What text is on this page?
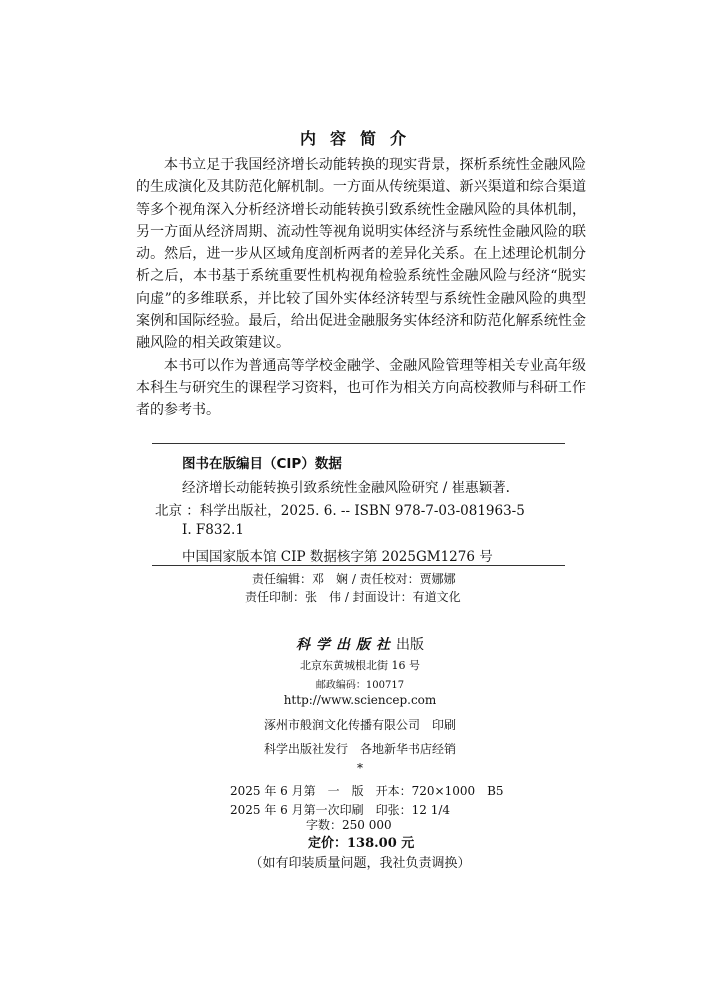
内容简介

本书立足于我国经济增长动能转换的现实背景，探析系统性金融风险的生成演化及其防范化解机制。一方面从传统渠道、新兴渠道和综合渠道等多个视角深入分析经济增长动能转换引致系统性金融风险的具体机制，另一方面从经济周期、流动性等视角说明实体经济与系统性金融风险的联动。然后，进一步从区域角度剖析两者的差异化关系。在上述理论机制分析之后，本书基于系统重要性机构视角检验系统性金融风险与经济“脱实向虚”的多维联系，并比较了国外实体经济转型与系统性金融风险的典型案例和国际经验。最后，给出促进金融服务实体经济和防范化解系统性金融风险的相关政策建议。

本书可以作为普通高等学校金融学、金融风险管理等相关专业高年级本科生与研究生的课程学习资料，也可作为相关方向高校教师与科研工作者的参考书。

图书在版编目（CIP）数据
经济增长动能转换引致系统性金融风险研究 / 崔惠颖著.
北京 ：科学出版社，2025. 6. -- ISBN 978-7-03-081963-5
Ⅰ. F832.1
中国国家版本馆 CIP 数据核字第 2025GM1276 号
责任编辑：邓　娴 / 责任校对：贾娜娜
责任印制：张　伟 / 封面设计：有道文化
科学出版社出版
北京东黄城根北街 16 号
邮政编码：100717
http://www.sciencep.com
涿州市般润文化传播有限公司　印刷
科学出版社发行　各地新华书店经销
*
2025 年 6 月第　一　版　开本：720×1000　B5
2025 年 6 月第一次印刷　印张：12 1/4
字数：250 000
定价：138.00 元
（如有印装质量问题，我社负责调换）
